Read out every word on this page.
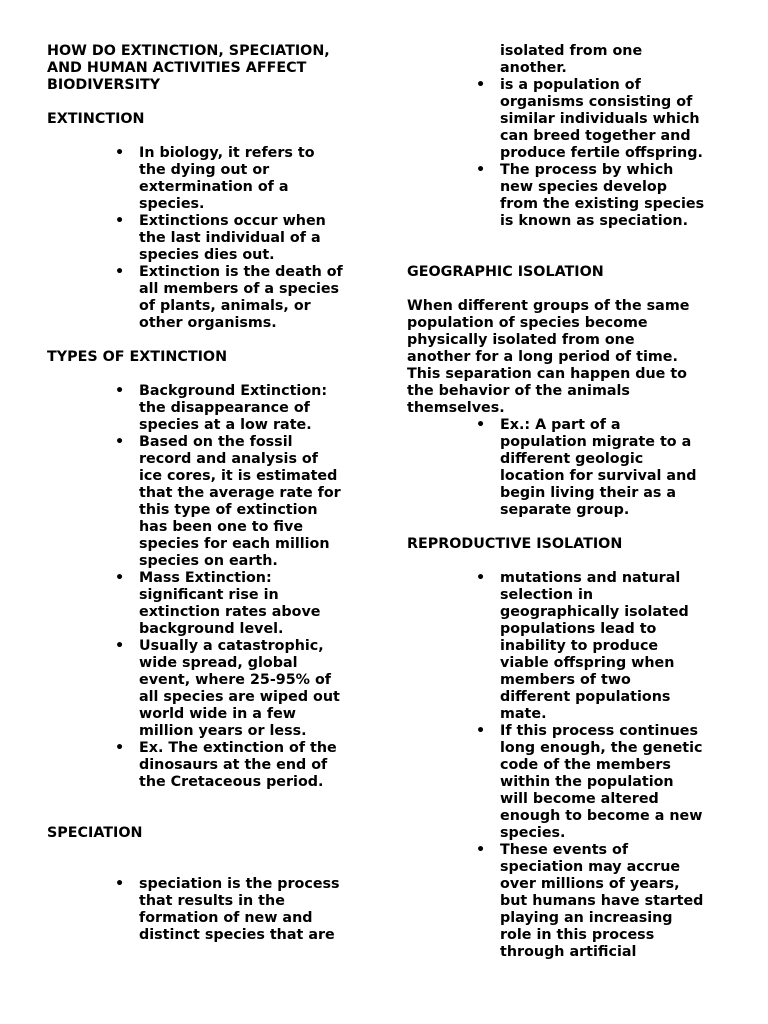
HOW DO EXTINCTION, SPECIATION,
AND HUMAN ACTIVITIES AFFECT
BIODIVERSITY
EXTINCTION
• In biology, it refers to
the dying out or
extermination of a
species.
• Extinctions occur when
the last individual of a
species dies out.
• Extinction is the death of
all members of a species
of plants, animals, or
other organisms.
TYPES OF EXTINCTION
• Background Extinction:
the disappearance of
species at a low rate.
• Based on the fossil
record and analysis of
ice cores, it is estimated
that the average rate for
this type of extinction
has been one to five
species for each million
species on earth.
• Mass Extinction:
significant rise in
extinction rates above
background level.
• Usually a catastrophic,
wide spread, global
event, where 25-95% of
all species are wiped out
world wide in a few
million years or less.
• Ex. The extinction of the
dinosaurs at the end of
the Cretaceous period.
SPECIATION
• speciation is the process
that results in the
formation of new and
distinct species that are
isolated from one
another.
• is a population of
organisms consisting of
similar individuals which
can breed together and
produce fertile offspring.
• The process by which
new species develop
from the existing species
is known as speciation.
GEOGRAPHIC ISOLATION
When different groups of the same
population of species become
physically isolated from one
another for a long period of time.
This separation can happen due to
the behavior of the animals
themselves.
• Ex.: A part of a
population migrate to a
different geologic
location for survival and
begin living their as a
separate group.
REPRODUCTIVE ISOLATION
• mutations and natural
selection in
geographically isolated
populations lead to
inability to produce
viable offspring when
members of two
different populations
mate.
• If this process continues
long enough, the genetic
code of the members
within the population
will become altered
enough to become a new
species.
• These events of
speciation may accrue
over millions of years,
but humans have started
playing an increasing
role in this process
through artificial
